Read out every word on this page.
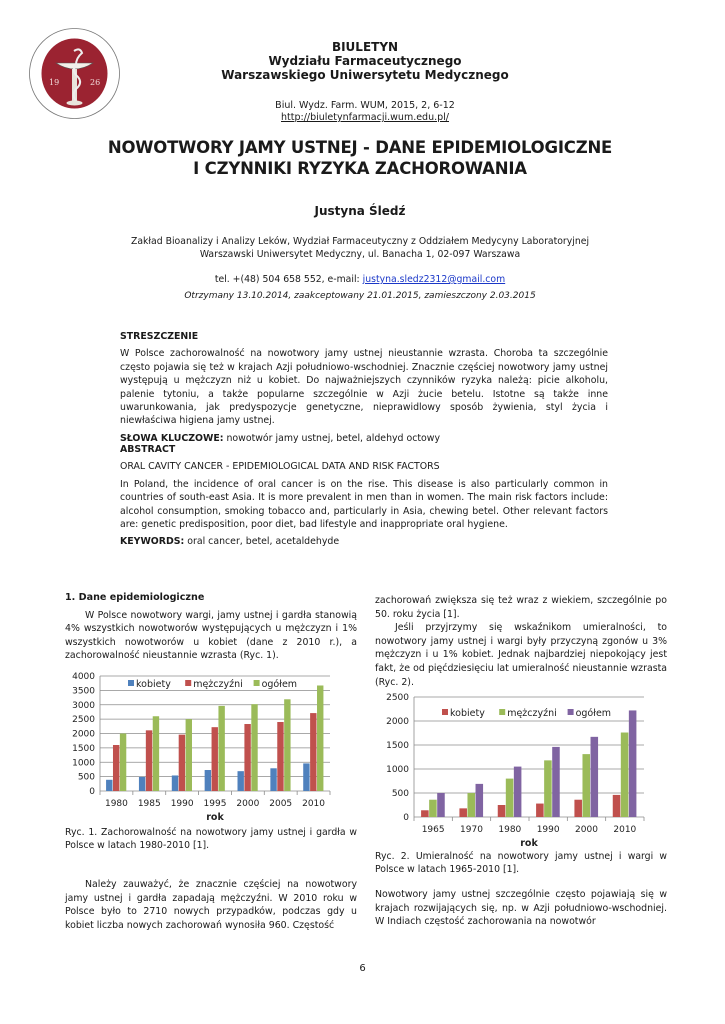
19	26
BIULETYN
Wydziału Farmaceutycznego
Warszawskiego Uniwersytetu Medycznego
Biul. Wydz. Farm. WUM, 2015, 2, 6-12
http://biuletynfarmacji.wum.edu.pl/
NOWOTWORY JAMY USTNEJ - DANE EPIDEMIOLOGICZNE
I CZYNNIKI RYZYKA ZACHOROWANIA
Justyna Śledź
Zakład Bioanalizy i Analizy Leków, Wydział Farmaceutyczny z Oddziałem Medycyny Laboratoryjnej
Warszawski Uniwersytet Medyczny, ul. Banacha 1, 02-097 Warszawa
tel. +(48) 504 658 552, e-mail: justyna.sledz2312@gmail.com
Otrzymany 13.10.2014, zaakceptowany 21.01.2015, zamieszczony 2.03.2015
STRESZCZENIE

W Polsce zachorowalność na nowotwory jamy ustnej nieustannie wzrasta. Choroba ta szczególnie często pojawia się też w krajach Azji południowo-wschodniej. Znacznie częściej nowotwory jamy ustnej występują u mężczyzn niż u kobiet. Do najważniejszych czynników ryzyka należą: picie alkoholu, palenie tytoniu, a także popularne szczególnie w Azji żucie betelu. Istotne są także inne uwarunkowania, jak predyspozycje genetyczne, nieprawidlowy sposób żywienia, styl życia i niewłaściwa higiena jamy ustnej.

SŁOWA KLUCZOWE: nowotwór jamy ustnej, betel, aldehyd octowy

ABSTRACT

ORAL CAVITY CANCER - EPIDEMIOLOGICAL DATA AND RISK FACTORS

In Poland, the incidence of oral cancer is on the rise. This disease is also particularly common in countries of south-east Asia. It is more prevalent in men than in women. The main risk factors include: alcohol consumption, smoking tobacco and, particularly in Asia, chewing betel. Other relevant factors are: genetic predisposition, poor diet, bad lifestyle and inappropriate oral hygiene.

KEYWORDS: oral cancer, betel, acetaldehyde

1. Dane epidemiologiczne

W Polsce nowotwory wargi, jamy ustnej i gardła stanowią 4% wszystkich nowotworów występujących u mężczyzn i 1% wszystkich nowotworów u kobiet (dane z 2010 r.), a zachorowalność nieustannie wzrasta (Ryc. 1).

0
500
1000
1500
2000
2500
3000
3500
4000
1980 1985 1990 1995 2000 2005 2010
rok
kobiety mężczyźni ogółem
Ryc. 1. Zachorowalność na nowotwory jamy ustnej i gardła w Polsce w latach 1980-2010 [1].

Należy zauważyć, że znacznie częściej na nowotwory jamy ustnej i gardła zapadają mężczyźni. W 2010 roku w Polsce było to 2710 nowych przypadków, podczas gdy u kobiet liczba nowych zachorowań wynosiła 960. Częstość

zachorowań zwiększa się też wraz z wiekiem, szczególnie po 50. roku życia [1].

Jeśli przyjrzymy się wskaźnikom umieralności, to nowotwory jamy ustnej i wargi były przyczyną zgonów u 3% mężczyzn i u 1% kobiet. Jednak najbardziej niepokojący jest fakt, że od pięćdziesięciu lat umieralność nieustannie wzrasta (Ryc. 2).

0
500
1000
1500
2000
2500
1965 1970 1980 1990 2000 2010
rok
kobiety mężczyźni ogółem
Ryc. 2. Umieralność na nowotwory jamy ustnej i wargi w Polsce w latach 1965-2010 [1].

Nowotwory jamy ustnej szczególnie często pojawiają się w krajach rozwijających się, np. w Azji południowo-wschodniej. W Indiach częstość zachorowania na nowotwór

6
